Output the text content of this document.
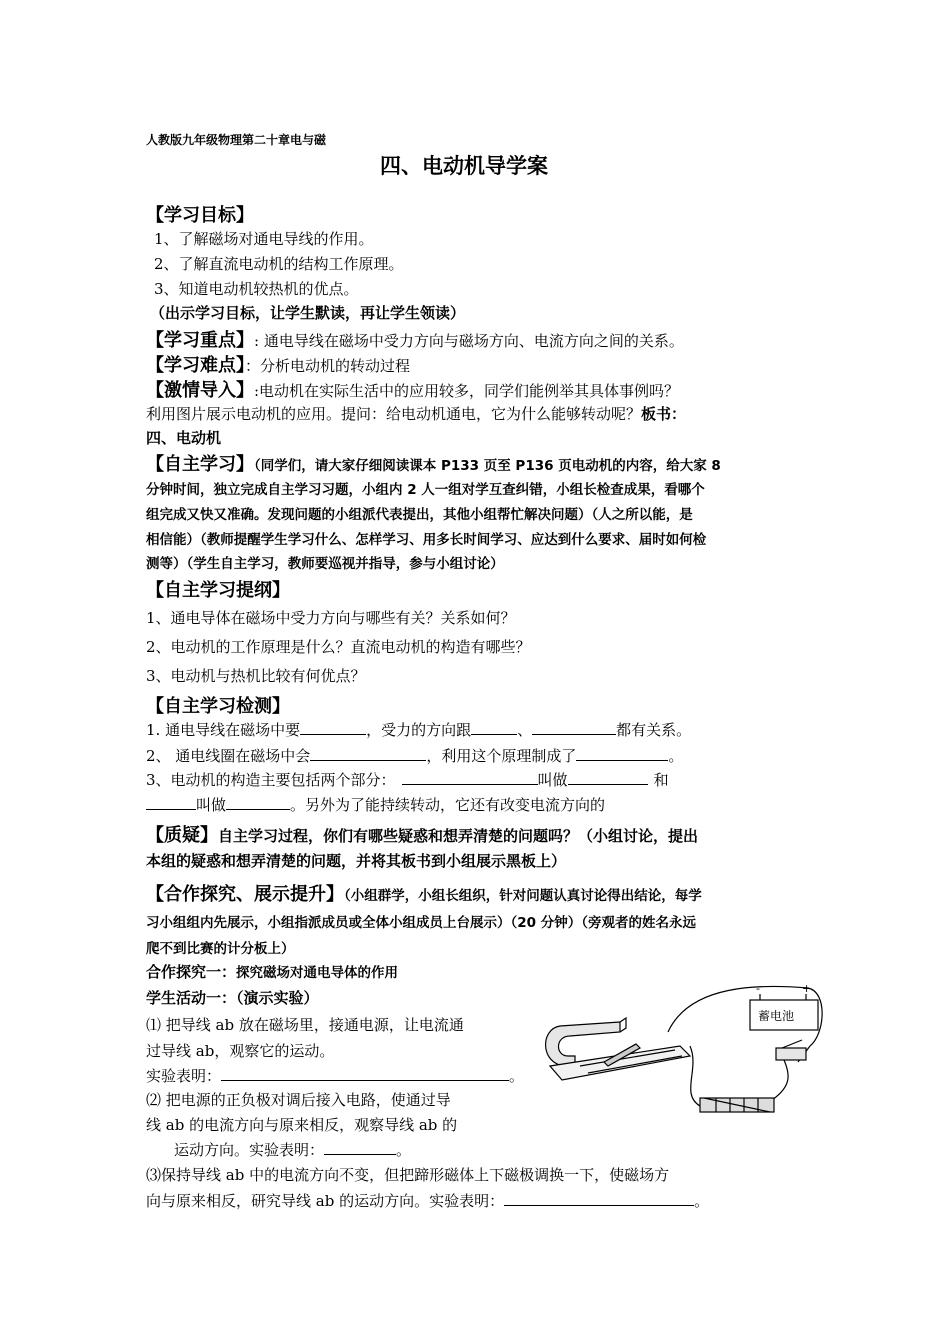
人教版九年级物理第二十章电与磁
四、电动机导学案
【学习目标】
1、了解磁场对通电导线的作用。
2、了解直流电动机的结构工作原理。
3、知道电动机较热机的优点。
（出示学习目标，让学生默读，再让学生领读）
【学习重点】: 通电导线在磁场中受力方向与磁场方向、电流方向之间的关系。
【学习难点】：分析电动机的转动过程
【激情导入】:电动机在实际生活中的应用较多，同学们能例举其具体事例吗？
利用图片展示电动机的应用。提问：给电动机通电，它为什么能够转动呢？板书：
四、电动机
【自主学习】（同学们，请大家仔细阅读课本 P133 页至 P136 页电动机的内容，给大家 8
分钟时间，独立完成自主学习习题，小组内 2 人一组对学互查纠错，小组长检查成果，看哪个
组完成又快又准确。发现问题的小组派代表提出，其他小组帮忙解决问题）（人之所以能，是
相信能）（教师提醒学生学习什么、怎样学习、用多长时间学习、应达到什么要求、届时如何检
测等）（学生自主学习，教师要巡视并指导，参与小组讨论）
【自主学习提纲】
1、通电导体在磁场中受力方向与哪些有关？关系如何？
2、电动机的工作原理是什么？直流电动机的构造有哪些？
3、电动机与热机比较有何优点？
【自主学习检测】
1. 通电导线在磁场中要	，受力的方向跟	、	都有关系。
2、 通电线圈在磁场中会	，利用这个原理制成了	。
3、电动机的构造主要包括两个部分：	叫做	和
叫做	。另外为了能持续转动，它还有改变电流方向的
【质疑】自主学习过程，你们有哪些疑惑和想弄清楚的问题吗？（小组讨论，提出
本组的疑惑和想弄清楚的问题，并将其板书到小组展示黑板上）
【合作探究、展示提升】（小组群学，小组长组织，针对问题认真讨论得出结论，每学
习小组组内先展示，小组指派成员或全体小组成员上台展示）（20 分钟）（旁观者的姓名永远
爬不到比赛的计分板上）
合作探究一：探究磁场对通电导体的作用
学生活动一：（演示实验）
⑴ 把导线 ab 放在磁场里，接通电源，让电流通
过导线 ab，观察它的运动。
实验表明：	。
⑵ 把电源的正负极对调后接入电路，使通过导
线 ab 的电流方向与原来相反，观察导线 ab 的
运动方向。实验表明：	。
⑶保持导线 ab 中的电流方向不变，但把蹄形磁体上下磁极调换一下，使磁场方
向与原来相反，研究导线 ab 的运动方向。实验表明：	。
蓄电池
-	+
